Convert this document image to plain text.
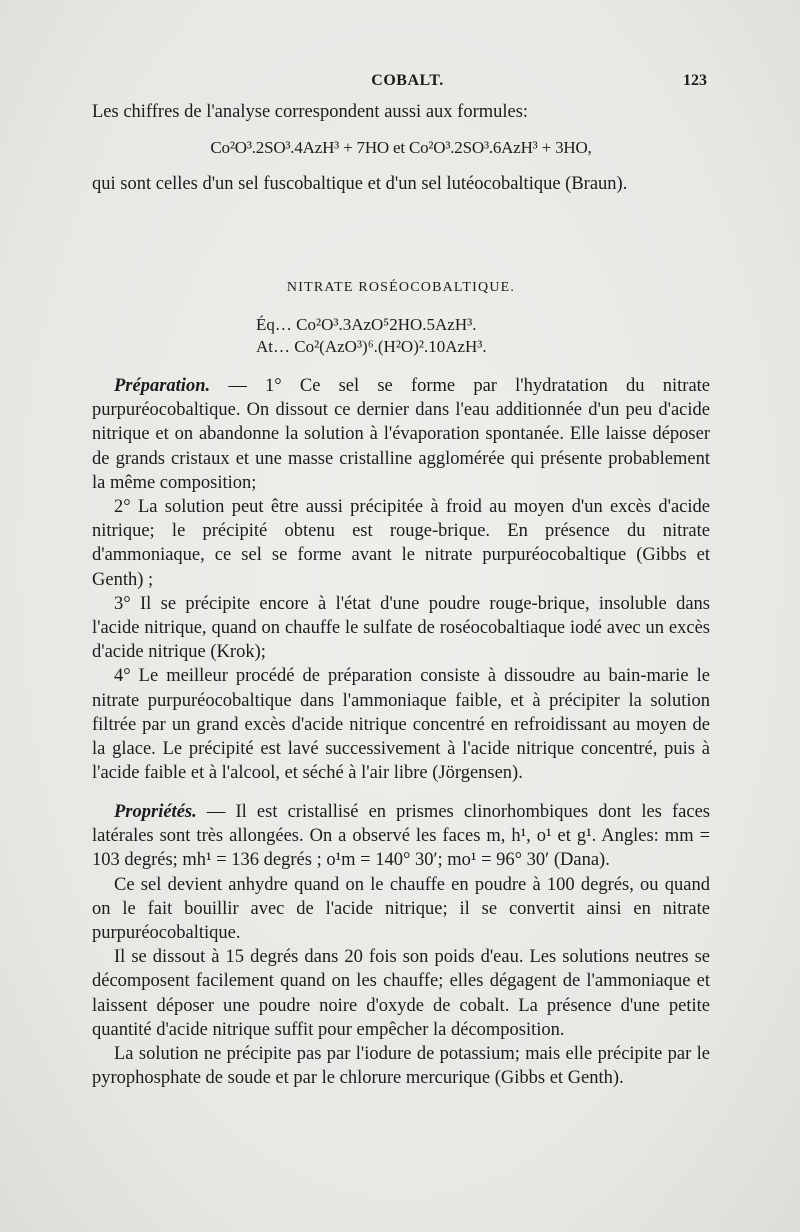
COBALT.	123

Les chiffres de l'analyse correspondent aussi aux formules:

Co²O³.2SO³.4AzH³ + 7HO et Co²O³.2SO³.6AzH³ + 3HO,

qui sont celles d'un sel fuscobaltique et d'un sel lutéocobaltique (Braun).

NITRATE ROSÉOCOBALTIQUE.

Éq… Co²O³.3AzO⁵2HO.5AzH³.

At… Co²(AzO³)⁶.(H²O)².10AzH³.

Préparation. — 1° Ce sel se forme par l'hydratation du nitrate purpuréocobaltique. On dissout ce dernier dans l'eau additionnée d'un peu d'acide nitrique et on abandonne la solution à l'évaporation spontanée. Elle laisse déposer de grands cristaux et une masse cristalline agglomérée qui présente probablement la même composition;

2° La solution peut être aussi précipitée à froid au moyen d'un excès d'acide nitrique; le précipité obtenu est rouge-brique. En présence du nitrate d'ammoniaque, ce sel se forme avant le nitrate purpuréocobaltique (Gibbs et Genth) ;

3° Il se précipite encore à l'état d'une poudre rouge-brique, insoluble dans l'acide nitrique, quand on chauffe le sulfate de roséocobaltiaque iodé avec un excès d'acide nitrique (Krok);

4° Le meilleur procédé de préparation consiste à dissoudre au bain-marie le nitrate purpuréocobaltique dans l'ammoniaque faible, et à précipiter la solution filtrée par un grand excès d'acide nitrique concentré en refroidissant au moyen de la glace. Le précipité est lavé successivement à l'acide nitrique concentré, puis à l'acide faible et à l'alcool, et séché à l'air libre (Jörgensen).

Propriétés. — Il est cristallisé en prismes clinorhombiques dont les faces latérales sont très allongées. On a observé les faces m, h¹, o¹ et g¹. Angles: mm = 103 degrés; mh¹ = 136 degrés ; o¹m = 140° 30′; mo¹ = 96° 30′ (Dana).

Ce sel devient anhydre quand on le chauffe en poudre à 100 degrés, ou quand on le fait bouillir avec de l'acide nitrique; il se convertit ainsi en nitrate purpuréocobaltique.

Il se dissout à 15 degrés dans 20 fois son poids d'eau. Les solutions neutres se décomposent facilement quand on les chauffe; elles dégagent de l'ammoniaque et laissent déposer une poudre noire d'oxyde de cobalt. La présence d'une petite quantité d'acide nitrique suffit pour empêcher la décomposition.

La solution ne précipite pas par l'iodure de potassium; mais elle précipite par le pyrophosphate de soude et par le chlorure mercurique (Gibbs et Genth).
